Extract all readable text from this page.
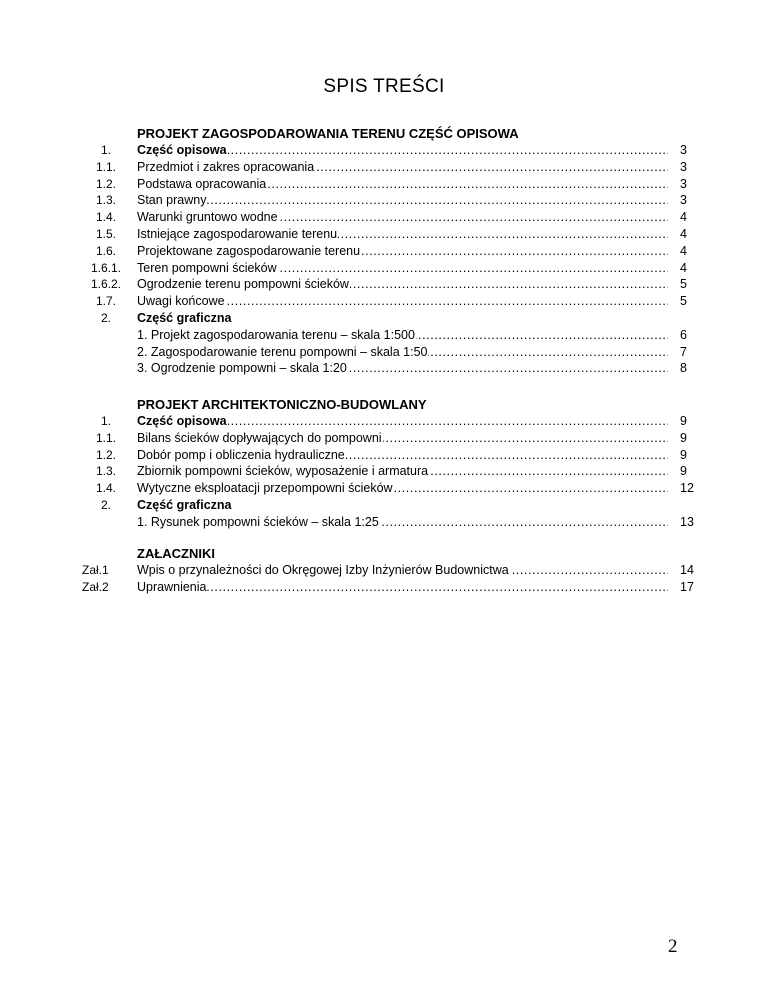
SPIS TREŚCI
PROJEKT ZAGOSPODAROWANIA TERENU CZĘŚĆ OPISOWA
1.	Część opisowa .....	3
1.1.	Przedmiot i zakres opracowania .....	3
1.2.	Podstawa opracowania .....	3
1.3.	Stan prawny .....	3
1.4.	Warunki gruntowo wodne .....	4
1.5.	Istniejące zagospodarowanie terenu .....	4
1.6.	Projektowane zagospodarowanie terenu .....	4
1.6.1.	Teren pompowni ścieków .....	4
1.6.2.	Ogrodzenie terenu pompowni ścieków .....	5
1.7.	Uwagi końcowe .....	5
2.	Część graficzna
1. Projekt zagospodarowania terenu – skala 1:500 .....	6
2. Zagospodarowanie terenu pompowni – skala 1:50 .....	7
3. Ogrodzenie pompowni – skala 1:20 .....	8
PROJEKT ARCHITEKTONICZNO-BUDOWLANY
1.	Część opisowa .....	9
1.1.	Bilans ścieków dopływających do pompowni .....	9
1.2.	Dobór pomp i obliczenia hydrauliczne .....	9
1.3.	Zbiornik pompowni ścieków, wyposażenie i armatura .....	9
1.4.	Wytyczne eksploatacji przepompowni ścieków .....	12
2.	Część graficzna
1. Rysunek pompowni ścieków – skala 1:25 .....	13
ZAŁACZNIKI
Zał.1	Wpis o przynależności do Okręgowej Izby Inżynierów Budownictwa .....	14
Zał.2	Uprawnienia .....	17
2
